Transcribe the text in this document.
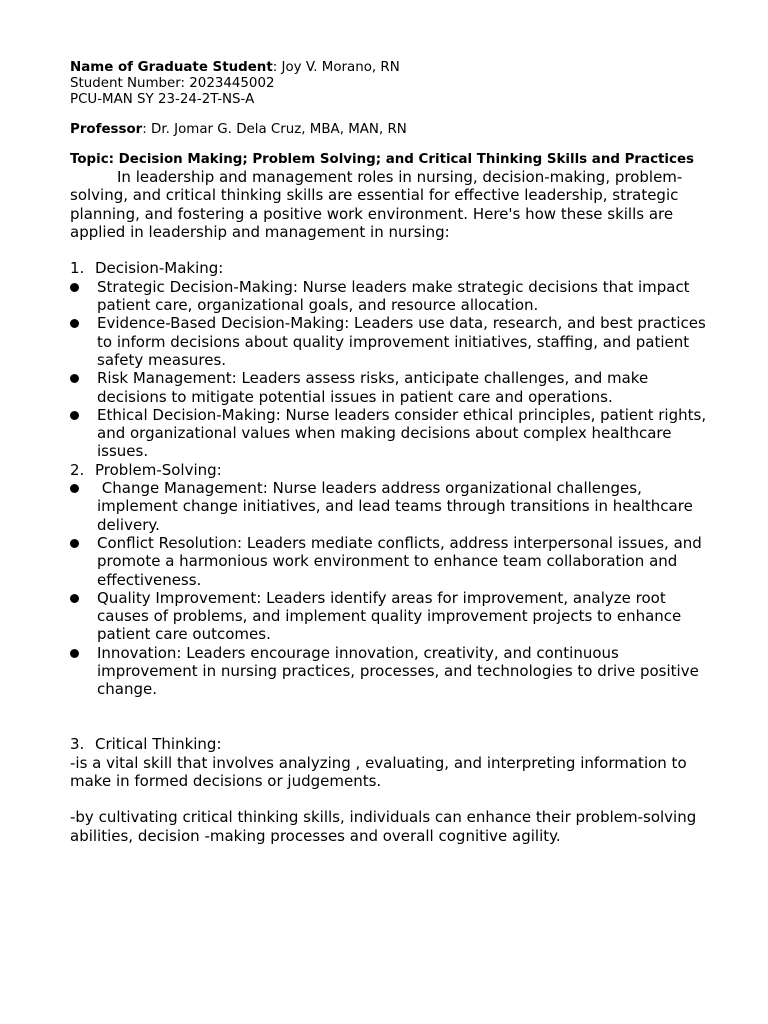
Name of Graduate Student: Joy V. Morano, RN
Student Number: 2023445002
PCU-MAN SY 23-24-2T-NS-A
Professor: Dr. Jomar G. Dela Cruz, MBA, MAN, RN
Topic: Decision Making; Problem Solving; and Critical Thinking Skills and Practices

In leadership and management roles in nursing, decision-making, problem-solving, and critical thinking skills are essential for effective leadership, strategic planning, and fostering a positive work environment. Here's how these skills are applied in leadership and management in nursing:

1. Decision-Making:
Strategic Decision-Making: Nurse leaders make strategic decisions that impact patient care, organizational goals, and resource allocation.
Evidence-Based Decision-Making: Leaders use data, research, and best practices to inform decisions about quality improvement initiatives, staffing, and patient safety measures.
Risk Management: Leaders assess risks, anticipate challenges, and make decisions to mitigate potential issues in patient care and operations.
Ethical Decision-Making: Nurse leaders consider ethical principles, patient rights, and organizational values when making decisions about complex healthcare issues.
2. Problem-Solving:
Change Management: Nurse leaders address organizational challenges, implement change initiatives, and lead teams through transitions in healthcare delivery.
Conflict Resolution: Leaders mediate conflicts, address interpersonal issues, and promote a harmonious work environment to enhance team collaboration and effectiveness.
Quality Improvement: Leaders identify areas for improvement, analyze root causes of problems, and implement quality improvement projects to enhance patient care outcomes.
Innovation: Leaders encourage innovation, creativity, and continuous improvement in nursing practices, processes, and technologies to drive positive change.
3. Critical Thinking:

-is a vital skill that involves analyzing , evaluating, and interpreting information to make in formed decisions or judgements.

-by cultivating critical thinking skills, individuals can enhance their problem-solving abilities, decision -making processes and overall cognitive agility.
